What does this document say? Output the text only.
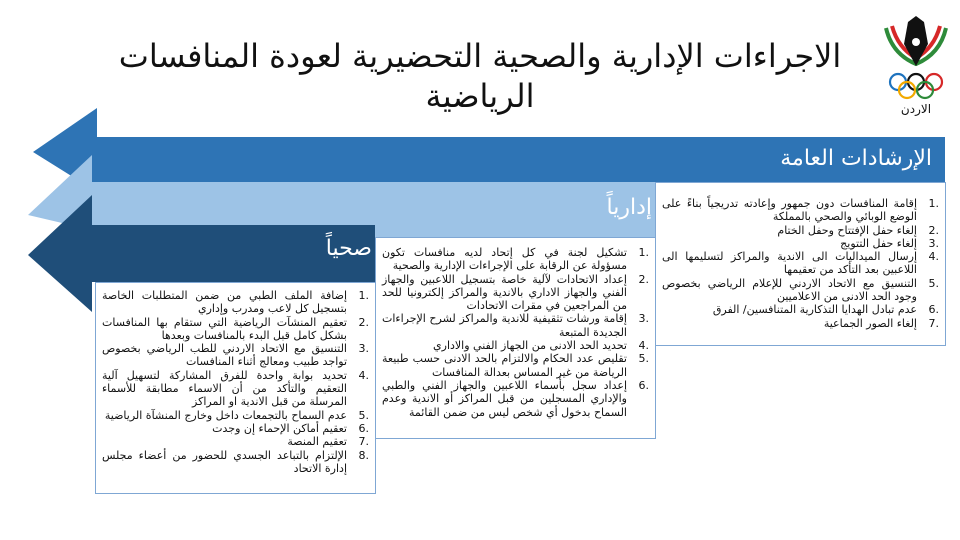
الاجراءات الإدارية والصحية التحضيرية لعودة المنافسات الرياضية	الاردن
الإرشادات العامة
إدارياً
صحياً
1.
إقامة المنافسات دون جمهور وإعادته تدريجياً بناءً على الوضع الوبائي والصحي بالمملكة
2.
إلغاء حفل الإفتتاح وحفل الختام
3.
إلغاء حفل التتويج
4.
إرسال الميداليات الى الاندية والمراكز لتسليمها الى اللاعبين بعد التأكد من تعقيمها
5.
التنسيق مع الاتحاد الاردني للإعلام الرياضي بخصوص وجود الحد الادنى من الاعلاميين
6.
عدم تبادل الهدايا التذكارية المتنافسين/ الفرق
7.
إلغاء الصور الجماعية
1.
تشكيل لجنة في كل إتحاد لديه منافسات تكون مسؤولة عن الرقابة على الإجراءات الإدارية والصحية
2.
إعداد الاتحادات لآلية خاصة بتسجيل اللاعبين والجهاز الفني والجهاز الاداري بالاندية والمراكز إلكترونيا للحد من المراجعين في مقرات الاتحادات
3.
إقامة ورشات تثقيفية للاندية والمراكز لشرح الإجراءات الجديدة المتبعة
4.
تحديد الحد الادنى من الجهاز الفني والاداري
5.
تقليص عدد الحكام والالتزام بالحد الادنى حسب طبيعة الرياضة من غير المساس بعدالة المنافسات
6.
إعداد سجل بأسماء اللاعبين والجهاز الفني والطبي والإداري المسجلين من قبل المراكز أو الاندية وعدم السماح بدخول أي شخص ليس من ضمن القائمة
1.
إضافة الملف الطبي من ضمن المتطلبات الخاصة بتسجيل كل لاعب ومدرب وإداري
2.
تعقيم المنشآت الرياضية التي ستقام بها المنافسات بشكل كامل قبل البدء بالمنافسات وبعدها
3.
التنسيق مع الاتحاد الاردني للطب الرياضي بخصوص تواجد طبيب ومعالج أثناء المنافسات
4.
تحديد بوابة واحدة للفرق المشاركة لتسهيل آلية التعقيم والتأكد من أن الاسماء مطابقة للأسماء المرسلة من قبل الاندية او المراكز
5.
عدم السماح بالتجمعات داخل وخارج المنشآة الرياضية
6.
تعقيم أماكن الإحماء إن وجدت
7.
تعقيم المنصة
8.
الإلتزام بالتباعد الجسدي للحضور من أعضاء مجلس إدارة الاتحاد
